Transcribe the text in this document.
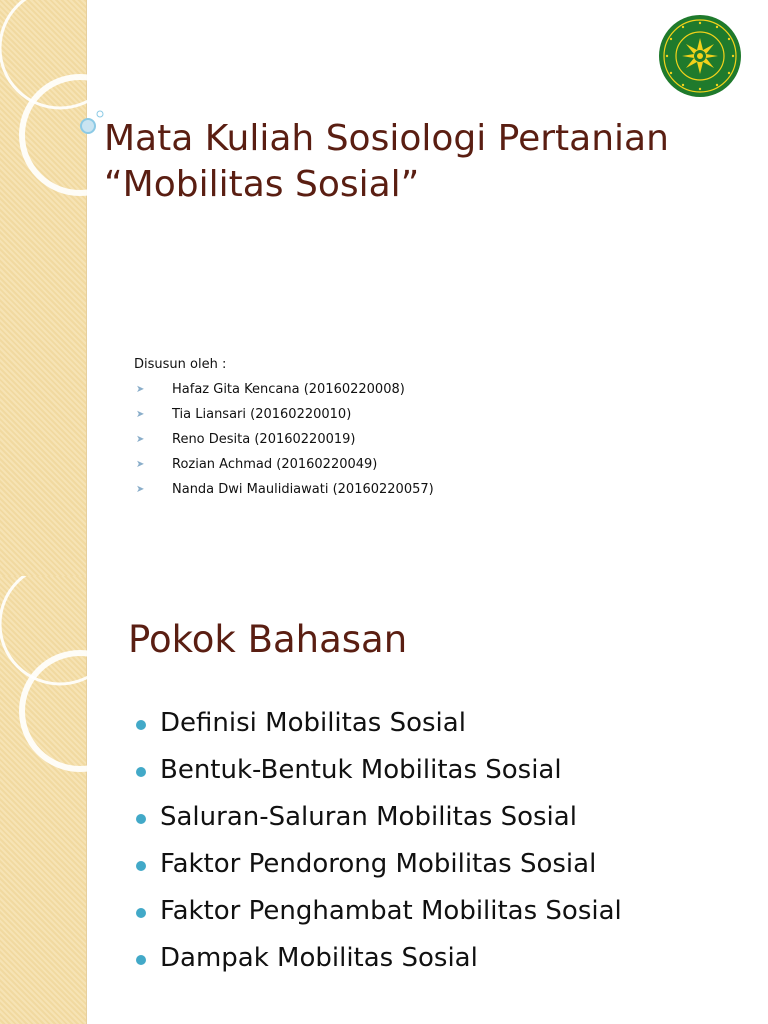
Mata Kuliah Sosiologi Pertanian
“Mobilitas Sosial”
Disusun oleh :
➤ Hafaz Gita Kencana (20160220008)
➤ Tia Liansari (20160220010)
➤ Reno Desita (20160220019)
➤ Rozian Achmad (20160220049)
➤ Nanda Dwi Maulidiawati (20160220057)
Pokok Bahasan
Definisi Mobilitas Sosial
Bentuk-Bentuk Mobilitas Sosial
Saluran-Saluran Mobilitas Sosial
Faktor Pendorong Mobilitas Sosial
Faktor Penghambat Mobilitas Sosial
Dampak Mobilitas Sosial
